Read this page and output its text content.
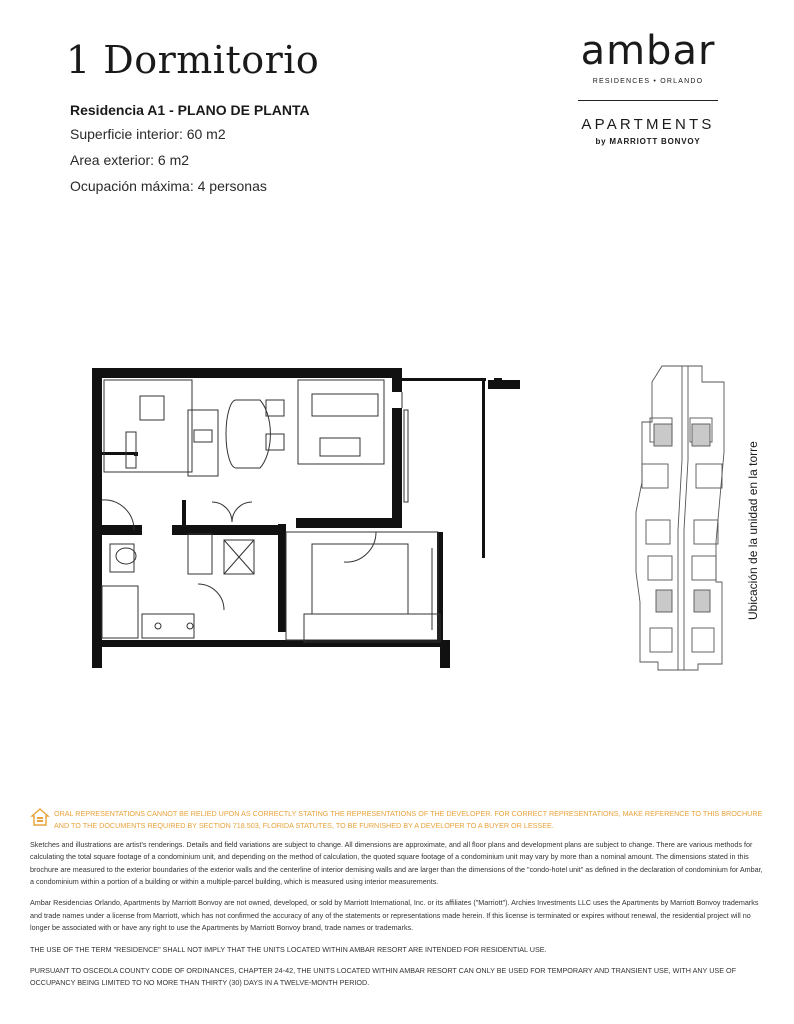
1 Dormitorio	ambar
RESIDENCES • ORLANDO
APARTMENTS
by MARRIOTT BONVOY

Residencia A1 - PLANO DE PLANTA

Superficie interior: 60 m2

Area exterior: 6 m2

Ocupación máxima: 4 personas

Ubicación de la unidad en la torre
ORAL REPRESENTATIONS CANNOT BE RELIED UPON AS CORRECTLY STATING THE REPRESENTATIONS OF THE DEVELOPER. FOR CORRECT REPRESENTATIONS, MAKE REFERENCE TO THIS BROCHURE AND TO THE DOCUMENTS REQUIRED BY SECTION 718.503, FLORIDA STATUTES, TO BE FURNISHED BY A DEVELOPER TO A BUYER OR LESSEE.

Sketches and illustrations are artist's renderings. Details and field variations are subject to change. All dimensions are approximate, and all floor plans and development plans are subject to change. There are various methods for calculating the total square footage of a condominium unit, and depending on the method of calculation, the quoted square footage of a condominium unit may vary by more than a nominal amount. The dimensions stated in this brochure are measured to the exterior boundaries of the exterior walls and the centerline of interior demising walls and are larger than the dimensions of the "condo-hotel unit" as defined in the declaration of condominium for Ambar, a condominium within a portion of a building or within a multiple-parcel building, which is measured using interior measurements.

Ambar Residencias Orlando, Apartments by Marriott Bonvoy are not owned, developed, or sold by Marriott International, Inc. or its affiliates ("Marriott"). Archies Investments LLC uses the Apartments by Marriott Bonvoy trademarks and trade names under a license from Marriott, which has not confirmed the accuracy of any of the statements or representations made herein. If this license is terminated or expires without renewal, the residential project will no longer be associated with or have any right to use the Apartments by Marriott Bonvoy brand, trade names or trademarks.

THE USE OF THE TERM "RESIDENCE" SHALL NOT IMPLY THAT THE UNITS LOCATED WITHIN AMBAR RESORT ARE INTENDED FOR RESIDENTIAL USE.

PURSUANT TO OSCEOLA COUNTY CODE OF ORDINANCES, CHAPTER 24-42, THE UNITS LOCATED WITHIN AMBAR RESORT CAN ONLY BE USED FOR TEMPORARY AND TRANSIENT USE, WITH ANY USE OF OCCUPANCY BEING LIMITED TO NO MORE THAN THIRTY (30) DAYS IN A TWELVE-MONTH PERIOD.
